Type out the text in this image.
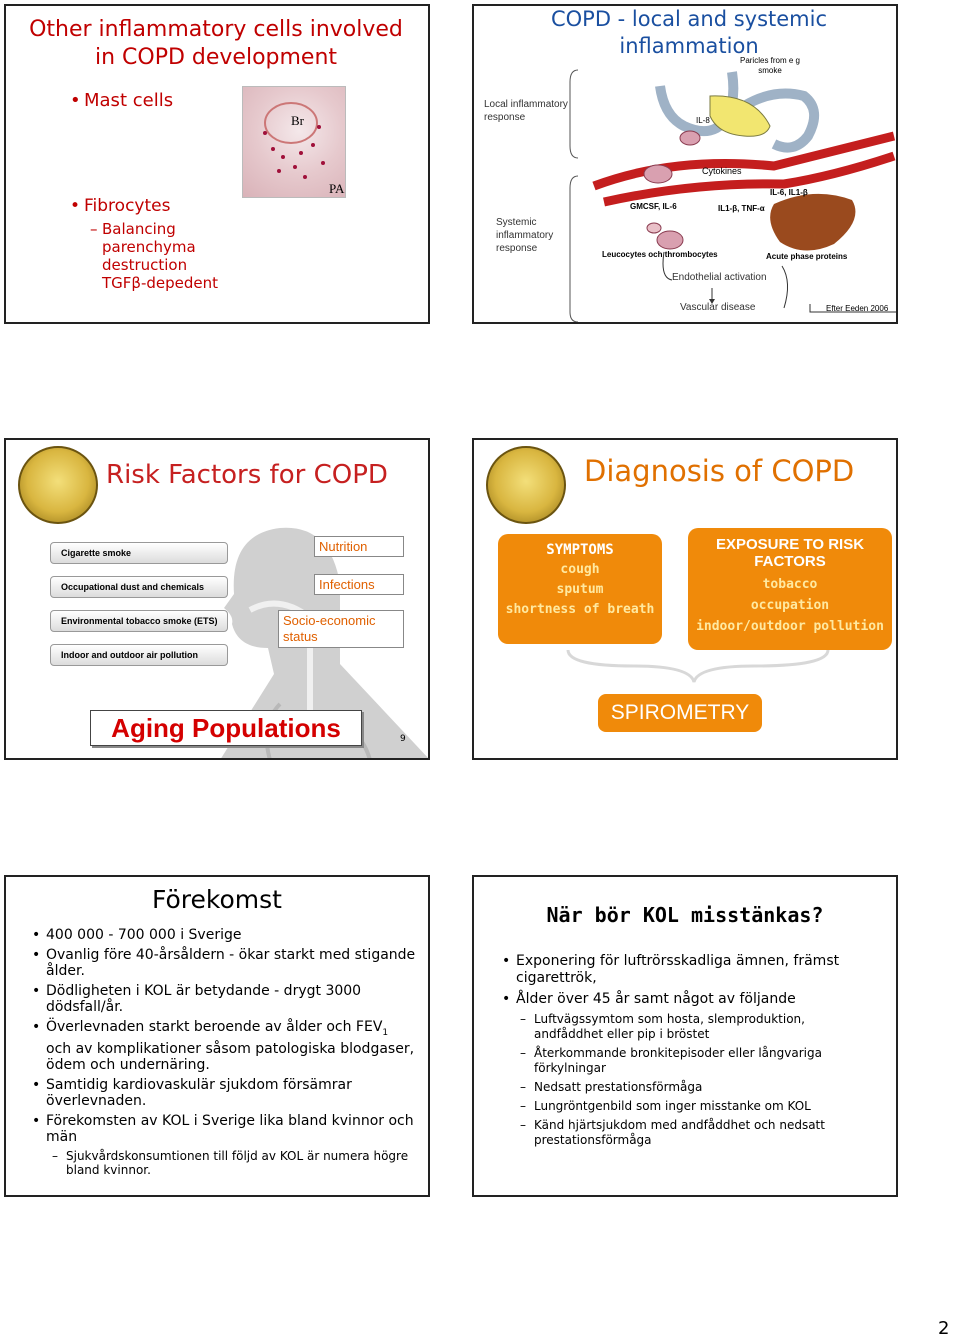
Other inflammatory cells involved in COPD development
• Mast cells
Br
PA
• Fibrocytes
– Balancing parenchyma destruction
TGFβ-depedent
COPD - local and systemic inflammation
Paricles from e g smoke
Local inflammatory response
Systemic inflammatory response
IL-8
Cytokines
GMCSF, IL-6	IL1-β, TNF-α
IL-6, IL1-β
Leucocytes och thrombocytes	Acute phase proteins
Endothelial activation
Vascular disease	Efter Eeden 2006
Risk Factors for COPD
Cigarette smoke
Occupational dust and chemicals
Environmental tobacco smoke (ETS)
Indoor and outdoor air pollution
Nutrition
Infections
Socio-economic status
Aging Populations	9
Diagnosis of COPD
SYMPTOMS
cough
sputum
shortness of breath
EXPOSURE TO RISK FACTORS
tobacco
occupation
indoor/outdoor pollution
SPIROMETRY
Förekomst
• 400 000 - 700 000 i Sverige
• Ovanlig före 40-årsåldern - ökar starkt med stigande ålder.
• Dödligheten i KOL är betydande - drygt 3000 dödsfall/år.
• Överlevnaden starkt beroende av ålder och $FEV_1$ och av komplikationer såsom patologiska blodgaser, ödem och undernäring.
• Samtidig kardiovaskulär sjukdom försämrar överlevnaden.
• Förekomsten av KOL i Sverige lika bland kvinnor och män
– Sjukvårdskonsumtionen till följd av KOL är numera högre bland kvinnor.
När bör KOL misstänkas?
• Exponering för luftrörsskadliga ämnen, främst cigarettrök,
• Ålder över 45 år samt något av följande
– Luftvägssymtom som hosta, slemproduktion, andfåddhet eller pip i bröstet
– Återkommande bronkitepisoder eller långvariga förkylningar
– Nedsatt prestationsförmåga
– Lungröntgenbild som inger misstanke om KOL
– Känd hjärtsjukdom med andfåddhet och nedsatt prestationsförmåga
2
